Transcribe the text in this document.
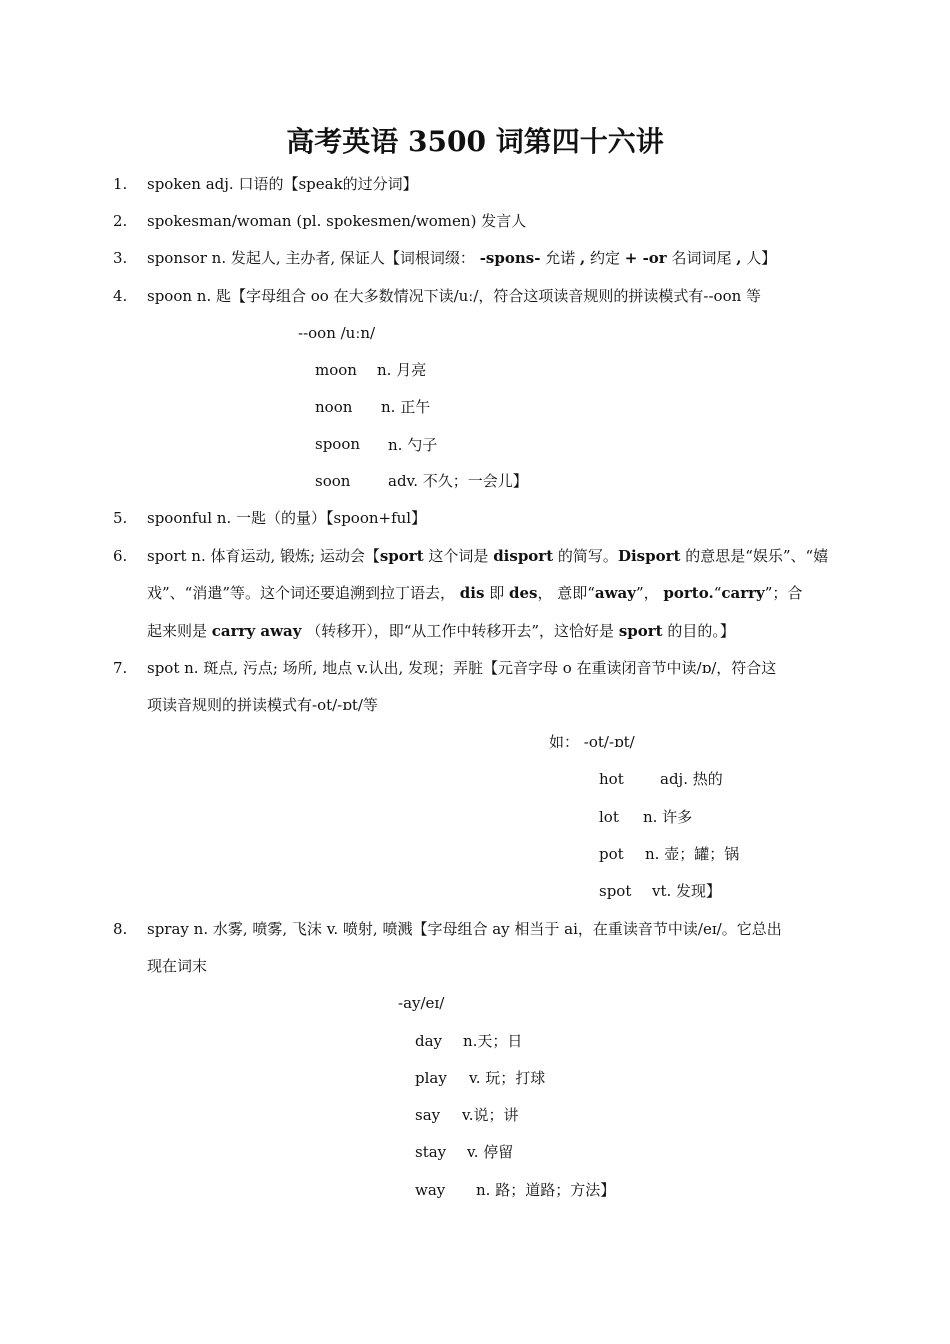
高考英语 3500 词第四十六讲
1. spoken adj. 口语的【speak的过分词】
2. spokesman/woman (pl. spokesmen/women) 发言人
3. sponsor n. 发起人, 主办者, 保证人【词根词缀： -spons- 允诺 , 约定 + -or 名词词尾 , 人】
4. spoon n. 匙【字母组合 oo 在大多数情况下读/uː/，符合这项读音规则的拼读模式有--oon 等
--oon /uːn/
moon n. 月亮
noon n. 正午
spoon n. 勺子
soon	adv. 不久；一会儿】
5. spoonful n. 一匙（的量）【spoon+ful】
6. sport n. 体育运动, 锻炼; 运动会【sport 这个词是 disport 的简写。Disport 的意思是“娱乐”、“嬉
戏”、“消遣”等。这个词还要追溯到拉丁语去， dis 即 des， 意即“away”， porto.“carry”；合
起来则是 carry away （转移开），即“从工作中转移开去”，这恰好是 sport 的目的。】
7. spot n. 斑点, 污点; 场所, 地点 v.认出, 发现；弄脏【元音字母 o 在重读闭音节中读/ɒ/，符合这
项读音规则的拼读模式有-ot/-ɒt/等
如： -ot/-ɒt/
hot adj. 热的
lot n. 许多
pot n. 壶；罐；锅
spot vt. 发现】
8. spray n. 水雾, 喷雾, 飞沫 v. 喷射, 喷溅【字母组合 ay 相当于 ai，在重读音节中读/eɪ/。它总出
现在词末
-ay/eɪ/
day n.天；日
play v. 玩；打球
say v.说；讲
stay v. 停留
way n. 路；道路；方法】
